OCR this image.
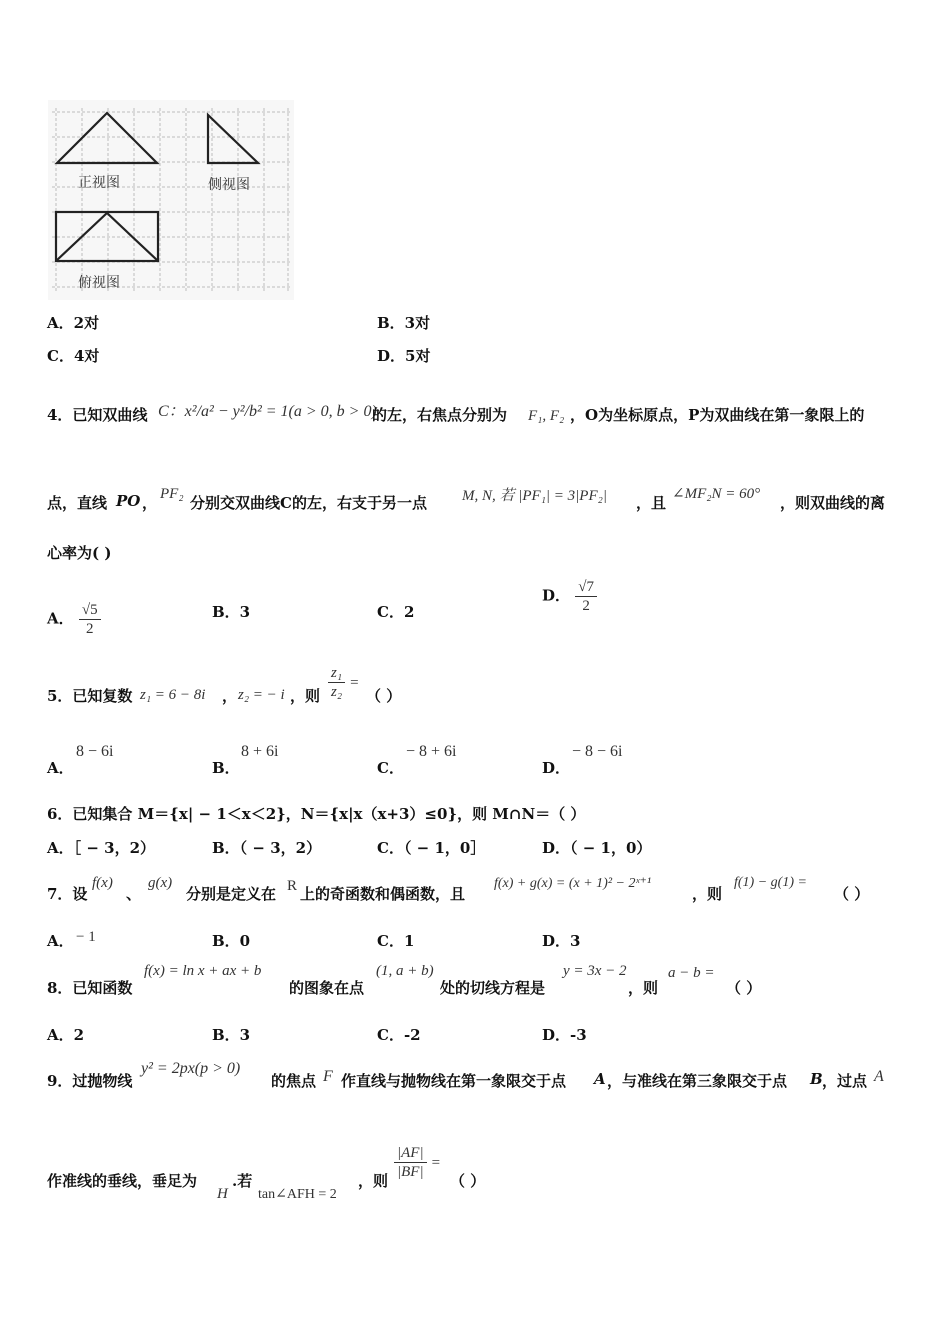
正视图	侧视图
俯视图
A．2对	B．3对
C．4对	D．5对
4．已知双曲线 C：x²/a² − y²/b² = 1(a > 0, b > 0)
的左，右焦点分别为 F₁, F₂ ，O为坐标原点，P为双曲线在第一象限上的
点，直线 PO ， PF₂ 分别交双曲线C的左，右支于另一点 M, N, 若 |PF₁| = 3|PF₂| ，且 ∠MF₂N = 60° ，则双曲线的离
心率为( )
A． $\frac{√5}{2}$	B．3	C．2
D． $\frac{√7}{2}$
5．已知复数 z₁ = 6 − 8i ， z₂ = − i ，则 $\frac{\text{z₁}}{\text{z₂}}$ =
（ ）
A．
8 − 6i
B．
8 + 6i
C．
− 8 + 6i
D．
− 8 − 6i
6．已知集合 M＝{x| − 1＜x＜2}，N＝{x|x（x+3）≤0}，则 M∩N＝（ ）
A．［ − 3，2）	B．（ − 3，2）	C．（ − 1，0］	D．（ − 1，0）
7．设
f(x)
、
g(x)
分别是定义在 R 上的奇函数和偶函数，且
f(x) + g(x) = (x + 1)² − 2ˣ⁺¹
，则
f(1) − g(1) =
（ ）
A． − 1	B．0	C．1	D．3
8．已知函数
f(x) = ln x + ax + b
的图象在点
(1, a + b)
处的切线方程是
y = 3x − 2
，则
a − b =
（ ）
A．2	B．3	C．-2	D．-3
9．过抛物线
y² = 2px(p > 0)
的焦点 F 作直线与抛物线在第一象限交于点 A ，与准线在第三象限交于点 B ，过点 A
作准线的垂线，垂足为
H
.若
tan∠AFH = 2
，则 $\frac{|AF|}{|BF|}$ =
（ ）
